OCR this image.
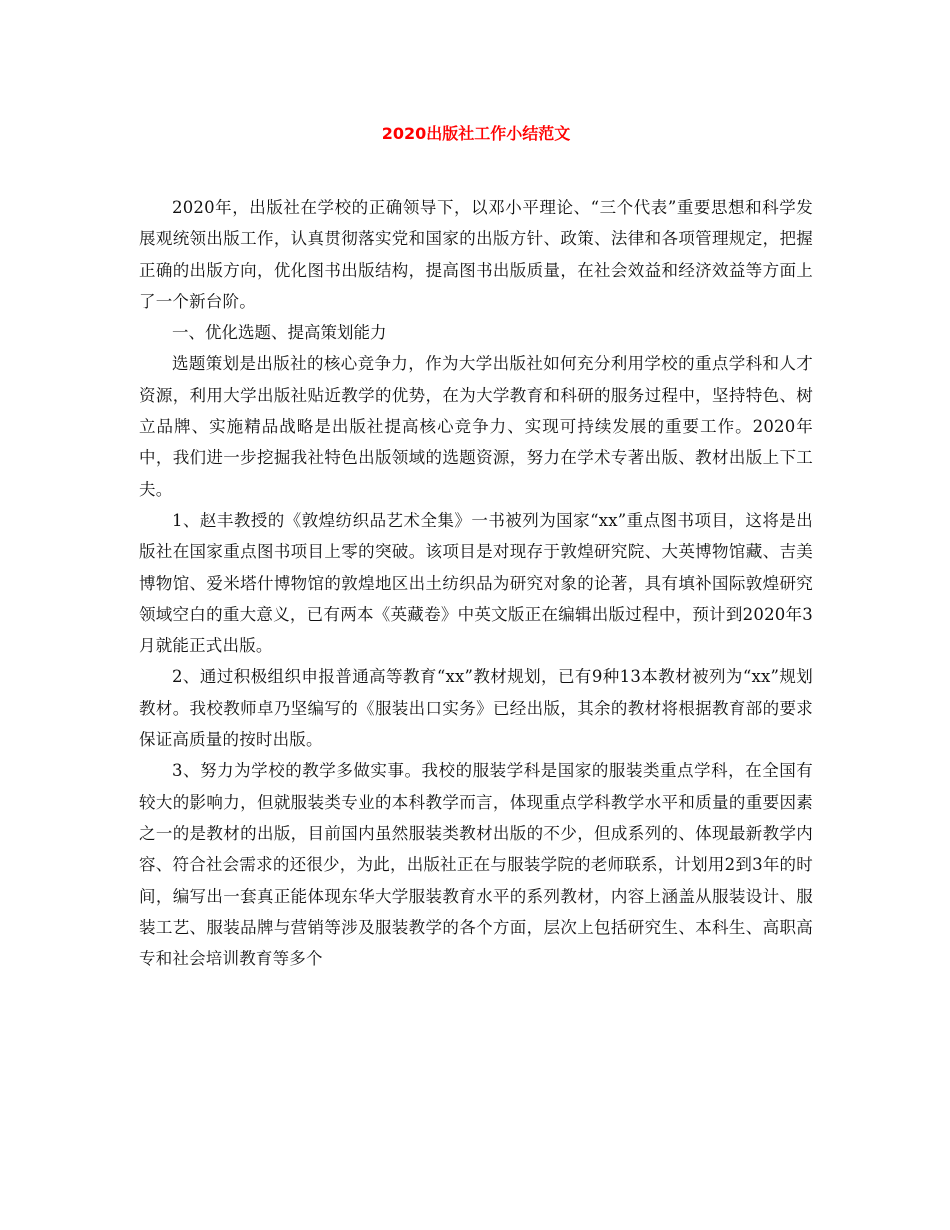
2020出版社工作小结范文

2020年，出版社在学校的正确领导下，以邓小平理论、“三个代表”重要思想和科学发展观统领出版工作，认真贯彻落实党和国家的出版方针、政策、法律和各项管理规定，把握正确的出版方向，优化图书出版结构，提高图书出版质量，在社会效益和经济效益等方面上了一个新台阶。

一、优化选题、提高策划能力

选题策划是出版社的核心竞争力，作为大学出版社如何充分利用学校的重点学科和人才资源，利用大学出版社贴近教学的优势，在为大学教育和科研的服务过程中，坚持特色、树立品牌、实施精品战略是出版社提高核心竞争力、实现可持续发展的重要工作。2020年中，我们进一步挖掘我社特色出版领域的选题资源，努力在学术专著出版、教材出版上下工夫。

1、赵丰教授的《敦煌纺织品艺术全集》一书被列为国家“xx”重点图书项目，这将是出版社在国家重点图书项目上零的突破。该项目是对现存于敦煌研究院、大英博物馆藏、吉美博物馆、爱米塔什博物馆的敦煌地区出土纺织品为研究对象的论著，具有填补国际敦煌研究领域空白的重大意义，已有两本《英藏卷》中英文版正在编辑出版过程中，预计到2020年3月就能正式出版。

2、通过积极组织申报普通高等教育“xx”教材规划，已有9种13本教材被列为“xx”规划教材。我校教师卓乃坚编写的《服装出口实务》已经出版，其余的教材将根据教育部的要求保证高质量的按时出版。

3、努力为学校的教学多做实事。我校的服装学科是国家的服装类重点学科，在全国有较大的影响力，但就服装类专业的本科教学而言，体现重点学科教学水平和质量的重要因素之一的是教材的出版，目前国内虽然服装类教材出版的不少，但成系列的、体现最新教学内容、符合社会需求的还很少，为此，出版社正在与服装学院的老师联系，计划用2到3年的时间，编写出一套真正能体现东华大学服装教育水平的系列教材，内容上涵盖从服装设计、服装工艺、服装品牌与营销等涉及服装教学的各个方面，层次上包括研究生、本科生、高职高专和社会培训教育等多个
